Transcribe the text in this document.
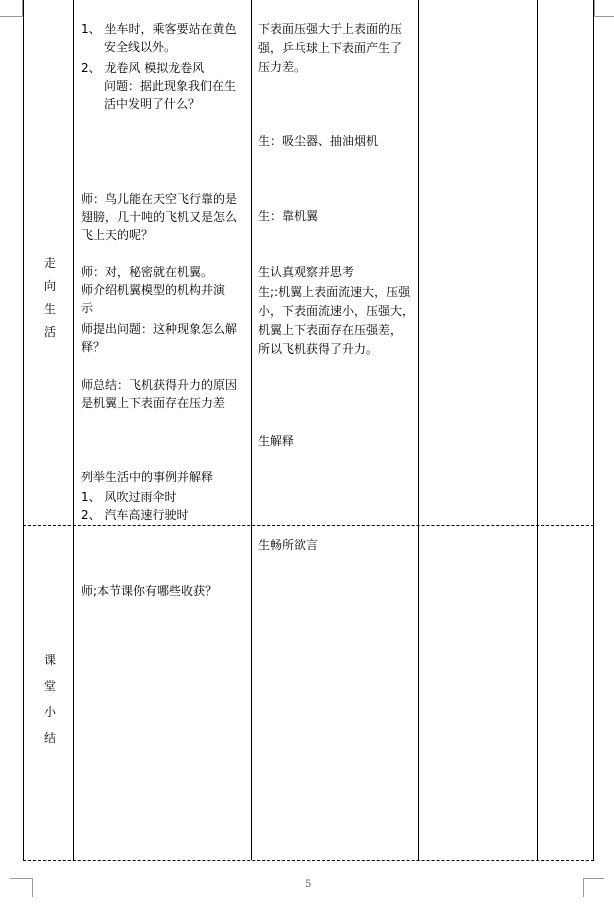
走
向
生
活
1、 坐车时，乘客要站在黄色
安全线以外。
2、 龙卷风 模拟龙卷风
问题：据此现象我们在生
活中发明了什么？
师：鸟儿能在天空飞行靠的是
翅膀，几十吨的飞机又是怎么
飞上天的呢？
师：对，秘密就在机翼。
师介绍机翼模型的机构并演
示
师提出问题：这种现象怎么解
释？
师总结：飞机获得升力的原因
是机翼上下表面存在压力差
列举生活中的事例并解释
1、 风吹过雨伞时
2、 汽车高速行驶时
下表面压强大于上表面的压
强，乒乓球上下表面产生了
压力差。
生：吸尘器、抽油烟机
生：靠机翼
生认真观察并思考
生;:机翼上表面流速大，压强
小，下表面流速小，压强大，
机翼上下表面存在压强差，
所以飞机获得了升力。
生解释
课
堂
小
结
师;本节课你有哪些收获？
生畅所欲言
5
